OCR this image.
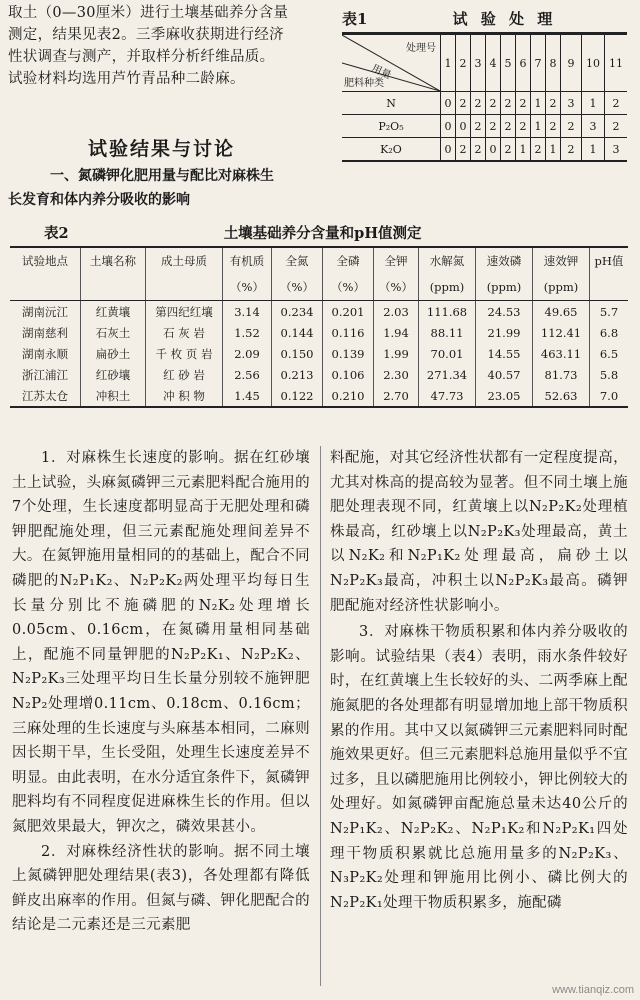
取土（0—30厘米）进行土壤基础养分含量

测定，结果见表2。三季麻收获期进行经济

性状调查与测产，并取样分析纤维品质。

试验材料均选用芦竹青品种二龄麻。

表1	试 验 处 理
处理号
用量
肥料种类	1	2	3	4	5	6	7	8	9	10	11
N	0	2	2	2	2	2	1	2	3	1	2
P₂O₅	0	0	2	2	2	2	1	2	2	3	2
K₂O	0	2	2	0	2	1	2	1	2	1	3
试验结果与讨论
一、氮磷钾化肥用量与配比对麻株生
长发育和体内养分吸收的影响
表2	土壤基础养分含量和pH值测定
试验地点	土壤名称	成土母质	有机质	全氮	全磷	全钾	水解氮	速效磷	速效钾	pH值
			（%）	（%）	（%）	（%）	(ppm)	(ppm)	(ppm)	
湖南沅江	红黄壤	第四纪红壤	3.14	0.234	0.201	2.03	111.68	24.53	49.65	5.7
湖南慈利	石灰土	石 灰 岩	1.52	0.144	0.116	1.94	88.11	21.99	112.41	6.8
湖南永顺	扁砂土	千 枚 页 岩	2.09	0.150	0.139	1.99	70.01	14.55	463.11	6.5
浙江浦江	红砂壤	红 砂 岩	2.56	0.213	0.106	2.30	271.34	40.57	81.73	5.8
江苏太仓	冲积土	冲 积 物	1.45	0.122	0.210	2.70	47.73	23.05	52.63	7.0

1．对麻株生长速度的影响。据在红砂壤土上试验，头麻氮磷钾三元素肥料配合施用的7个处理，生长速度都明显高于无肥处理和磷钾肥配施处理，但三元素配施处理间差异不大。在氮钾施用量相同的的基础上，配合不同磷肥的N₂P₁K₂、N₂P₂K₂两处理平均每日生长量分别比不施磷肥的N₂K₂处理增长0.05cm、0.16cm，在氮磷用量相同基础上，配施不同量钾肥的N₂P₂K₁、N₂P₂K₂、N₂P₂K₃三处理平均日生长量分别较不施钾肥N₂P₂处理增0.11cm、0.18cm、0.16cm；三麻处理的生长速度与头麻基本相同，二麻则因长期干旱，生长受阻，处理生长速度差异不明显。由此表明，在水分适宜条件下，氮磷钾肥料均有不同程度促进麻株生长的作用。但以氮肥效果最大，钾次之，磷效果甚小。

2．对麻株经济性状的影响。据不同土壤上氮磷钾肥处理结果(表3)，各处理都有降低鲜皮出麻率的作用。但氮与磷、钾化肥配合的结论是二元素还是三元素肥

料配施，对其它经济性状都有一定程度提高，尤其对株高的提高较为显著。但不同土壤上施肥处理表现不同，红黄壤上以N₂P₂K₂处理植株最高，红砂壤上以N₂P₂K₃处理最高，黄土以N₂K₂和N₂P₁K₂处理最高，扁砂土以N₂P₂K₃最高，冲积土以N₂P₂K₃最高。磷钾肥配施对经济性状影响小。

3．对麻株干物质积累和体内养分吸收的影响。试验结果（表4）表明，雨水条件较好时，在红黄壤上生长较好的头、二两季麻上配施氮肥的各处理都有明显增加地上部干物质积累的作用。其中又以氮磷钾三元素肥料同时配施效果更好。但三元素肥料总施用量似乎不宜过多，且以磷肥施用比例较小，钾比例较大的处理好。如氮磷钾亩配施总量未达40公斤的N₂P₁K₂、N₂P₂K₂、N₂P₁K₂和N₂P₂K₁四处理干物质积累就比总施用量多的N₂P₂K₃、N₃P₂K₂处理和钾施用比例小、磷比例大的N₂P₂K₁处理干物质积累多，施配磷

www.tianqiz.com
